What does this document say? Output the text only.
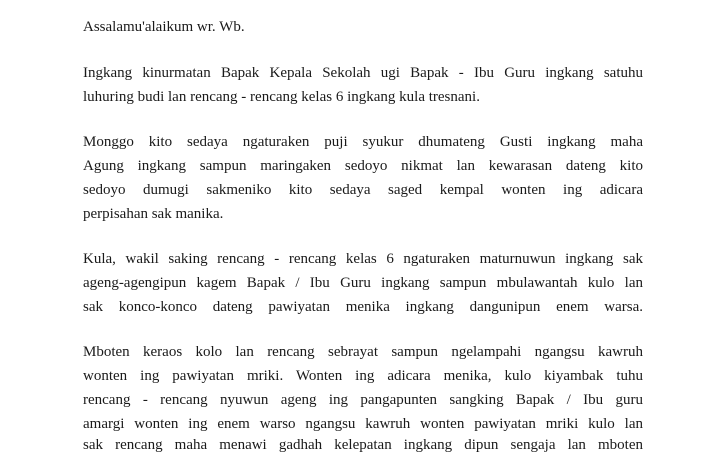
Assalamu'alaikum wr. Wb.
Ingkang kinurmatan Bapak Kepala Sekolah ugi Bapak - Ibu Guru ingkang satuhu
luhuring budi lan rencang - rencang kelas 6 ingkang kula tresnani.
Monggo kito sedaya ngaturaken puji syukur dhumateng Gusti ingkang maha
Agung ingkang sampun maringaken sedoyo nikmat lan kewarasan dateng kito
sedoyo dumugi sakmeniko kito sedaya saged kempal wonten ing adicara
perpisahan sak manika.
Kula, wakil saking rencang - rencang kelas 6 ngaturaken maturnuwun ingkang sak
ageng-agengipun kagem Bapak / Ibu Guru ingkang sampun mbulawantah kulo lan
sak konco-konco dateng pawiyatan menika ingkang dangunipun enem warsa.
Mboten keraos kolo lan rencang sebrayat sampun ngelampahi ngangsu kawruh
wonten ing pawiyatan mriki. Wonten ing adicara menika, kulo kiyambak tuhu
rencang - rencang nyuwun ageng ing pangapunten sangking Bapak / Ibu guru
amargi wonten ing enem warso ngangsu kawruh wonten pawiyatan mriki kulo lan
sak rencang maha menawi gadhah kelepatan ingkang dipun sengaja lan mboten
